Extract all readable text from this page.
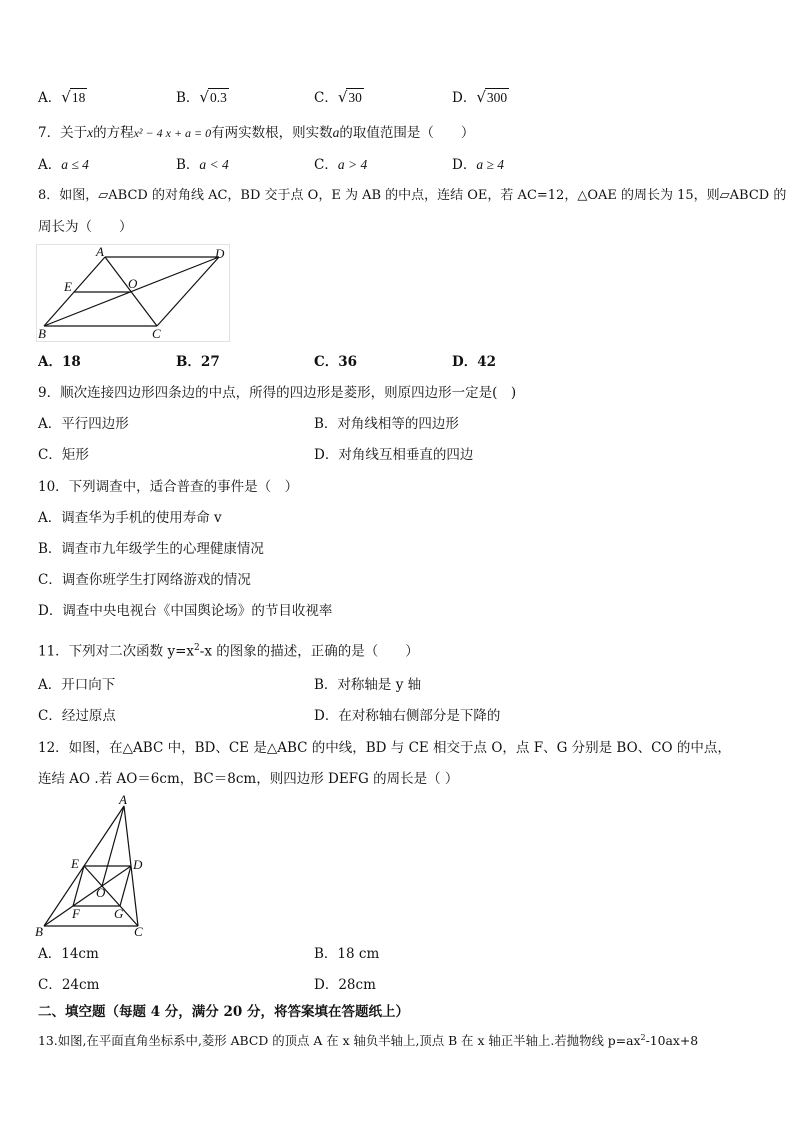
A．√18	B．√0.3	C．√30	D．√300
7．关于x的方程x² − 4 x + a = 0有两实数根，则实数a的取值范围是（　　）
A．a ≤ 4	B．a < 4	C．a > 4	D．a ≥ 4
8．如图，▱ABCD 的对角线 AC，BD 交于点 O，E 为 AB 的中点，连结 OE，若 AC=12，△OAE 的周长为 15，则▱ABCD 的
周长为（　　）
A	D
E	O
B	C
A．18	B．27	C．36	D．42
9．顺次连接四边形四条边的中点，所得的四边形是菱形，则原四边形一定是(　)
A．平行四边形	B．对角线相等的四边形
C．矩形	D．对角线互相垂直的四边
10．下列调查中，适合普查的事件是（　）
A．调查华为手机的使用寿命 v
B．调查市九年级学生的心理健康情况
C．调查你班学生打网络游戏的情况
D．调查中央电视台《中国舆论场》的节目收视率
11．下列对二次函数 $y=x^2-x$ 的图象的描述，正确的是（　　）
A．开口向下	B．对称轴是 y 轴
C．经过原点	D．在对称轴右侧部分是下降的
12．如图，在△ABC 中，BD、CE 是△ABC 的中线，BD 与 CE 相交于点 O，点 F、G 分别是 BO、CO 的中点，
连结 AO .若 AO＝6cm，BC＝8cm，则四边形 DEFG 的周长是（ ）
A
E	D
O
F	G
B	C
A．14cm	B．18 cm
C．24cm	D．28cm
二、填空题（每题 4 分，满分 20 分，将答案填在答题纸上）
13.如图,在平面直角坐标系中,菱形 ABCD 的顶点 A 在 x 轴负半轴上,顶点 B 在 x 轴正半轴上.若抛物线 $p=ax^2-10ax+8$
